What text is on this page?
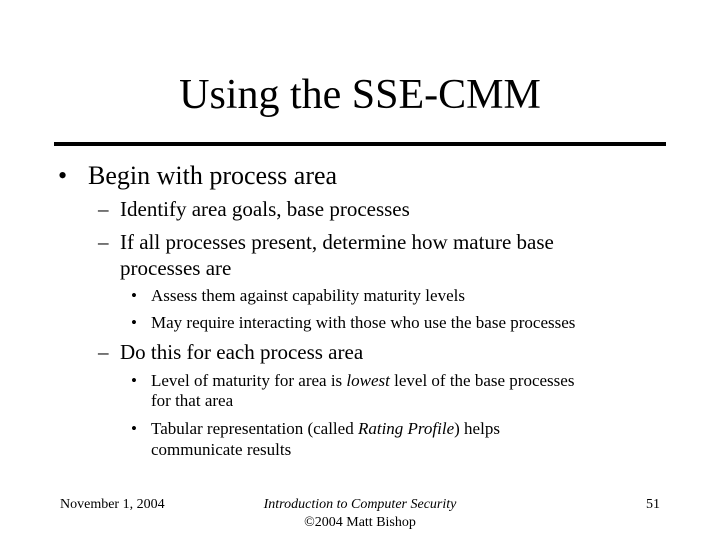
Using the SSE-CMM
• Begin with process area
– Identify area goals, base processes
– If all processes present, determine how mature base
processes are
• Assess them against capability maturity levels
• May require interacting with those who use the base processes
– Do this for each process area
• Level of maturity for area is lowest level of the base processes
for that area
• Tabular representation (called Rating Profile) helps
communicate results
November 1, 2004	Introduction to Computer Security
©2004 Matt Bishop
51
